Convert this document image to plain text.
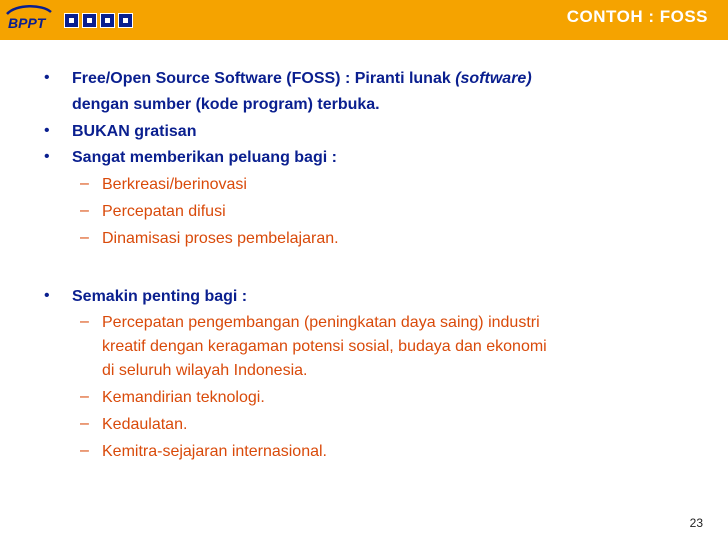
BPPT	CONTOH : FOSS
• Free/Open Source Software (FOSS) : Piranti lunak (software)
dengan sumber (kode program) terbuka.
• BUKAN gratisan
• Sangat memberikan peluang bagi :
– Berkreasi/berinovasi
– Percepatan difusi
– Dinamisasi proses pembelajaran.
• Semakin penting bagi :
– Percepatan pengembangan (peningkatan daya saing) industri
kreatif dengan keragaman potensi sosial, budaya dan ekonomi
di seluruh wilayah Indonesia.
– Kemandirian teknologi.
– Kedaulatan.
– Kemitra-sejajaran internasional.
23
